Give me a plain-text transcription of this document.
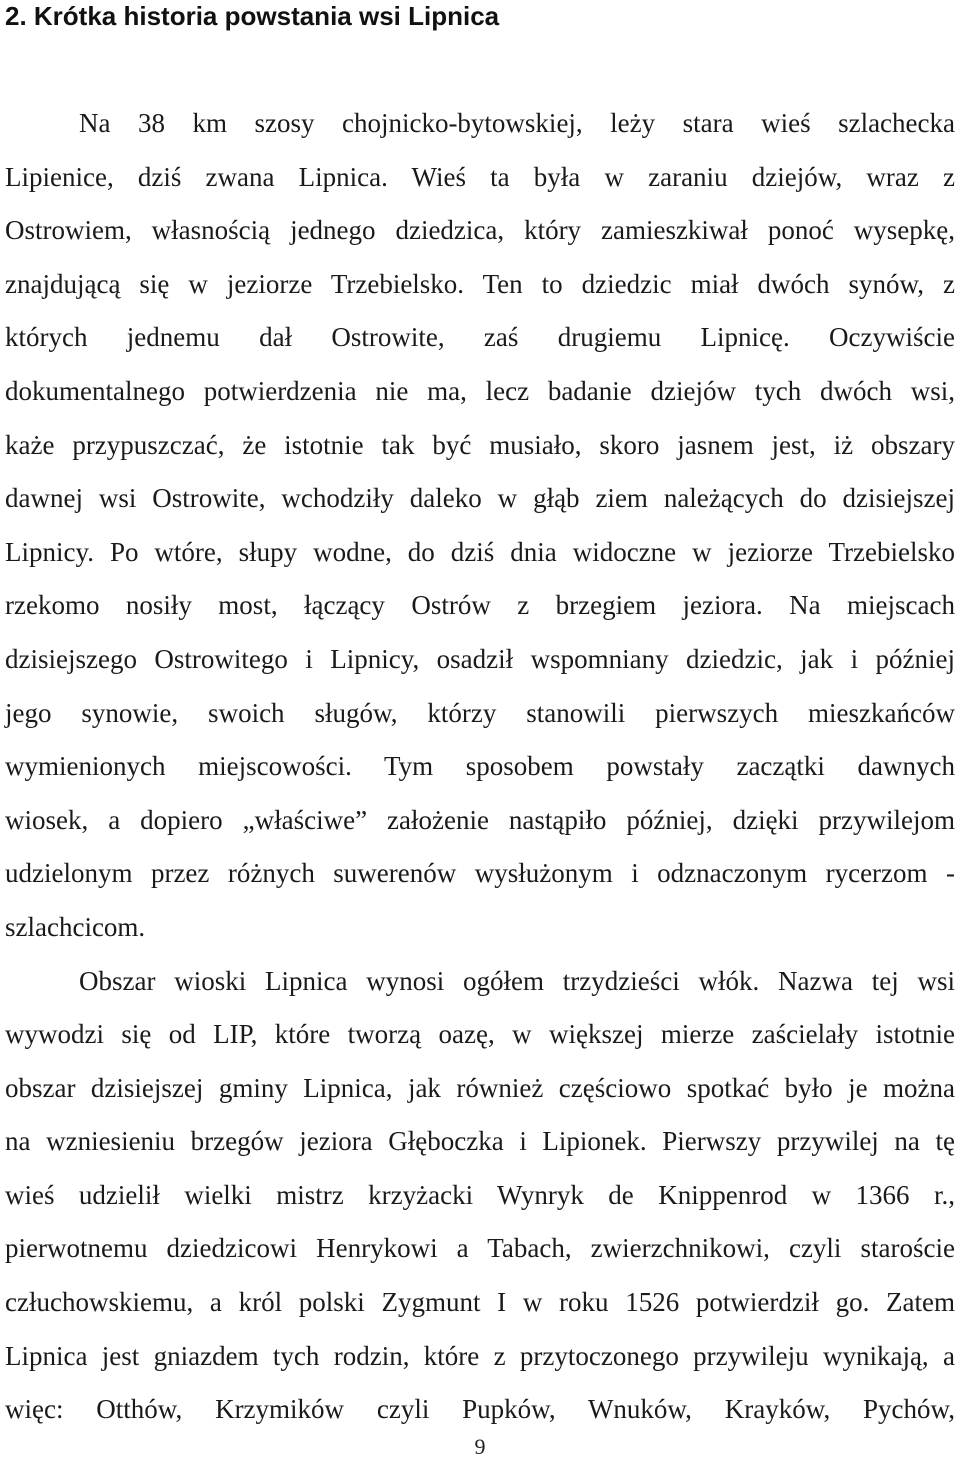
2. Krótka historia powstania wsi Lipnica
Na 38 km szosy chojnicko-bytowskiej, leży stara wieś szlachecka
Lipienice, dziś zwana Lipnica. Wieś ta była w zaraniu dziejów, wraz z
Ostrowiem, własnością jednego dziedzica, który zamieszkiwał ponoć wysepkę,
znajdującą się w jeziorze Trzebielsko. Ten to dziedzic miał dwóch synów, z
których jednemu dał Ostrowite, zaś drugiemu Lipnicę. Oczywiście
dokumentalnego potwierdzenia nie ma, lecz badanie dziejów tych dwóch wsi,
każe przypuszczać, że istotnie tak być musiało, skoro jasnem jest, iż obszary
dawnej wsi Ostrowite, wchodziły daleko w głąb ziem należących do dzisiejszej
Lipnicy. Po wtóre, słupy wodne, do dziś dnia widoczne w jeziorze Trzebielsko
rzekomo nosiły most, łączący Ostrów z brzegiem jeziora. Na miejscach
dzisiejszego Ostrowitego i Lipnicy, osadził wspomniany dziedzic, jak i później
jego synowie, swoich sługów, którzy stanowili pierwszych mieszkańców
wymienionych miejscowości. Tym sposobem powstały zaczątki dawnych
wiosek, a dopiero „właściwe” założenie nastąpiło później, dzięki przywilejom
udzielonym przez różnych suwerenów wysłużonym i odznaczonym rycerzom -
szlachcicom.
Obszar wioski Lipnica wynosi ogółem trzydzieści włók. Nazwa tej wsi
wywodzi się od LIP, które tworzą oazę, w większej mierze zaścielały istotnie
obszar dzisiejszej gminy Lipnica, jak również częściowo spotkać było je można
na wzniesieniu brzegów jeziora Głęboczka i Lipionek. Pierwszy przywilej na tę
wieś udzielił wielki mistrz krzyżacki Wynryk de Knippenrod w 1366 r.,
pierwotnemu dziedzicowi Henrykowi a Tabach, zwierzchnikowi, czyli staroście
człuchowskiemu, a król polski Zygmunt I w roku 1526 potwierdził go. Zatem
Lipnica jest gniazdem tych rodzin, które z przytoczonego przywileju wynikają, a
więc: Otthów, Krzymików czyli Pupków, Wnuków, Krayków, Pychów,
9
